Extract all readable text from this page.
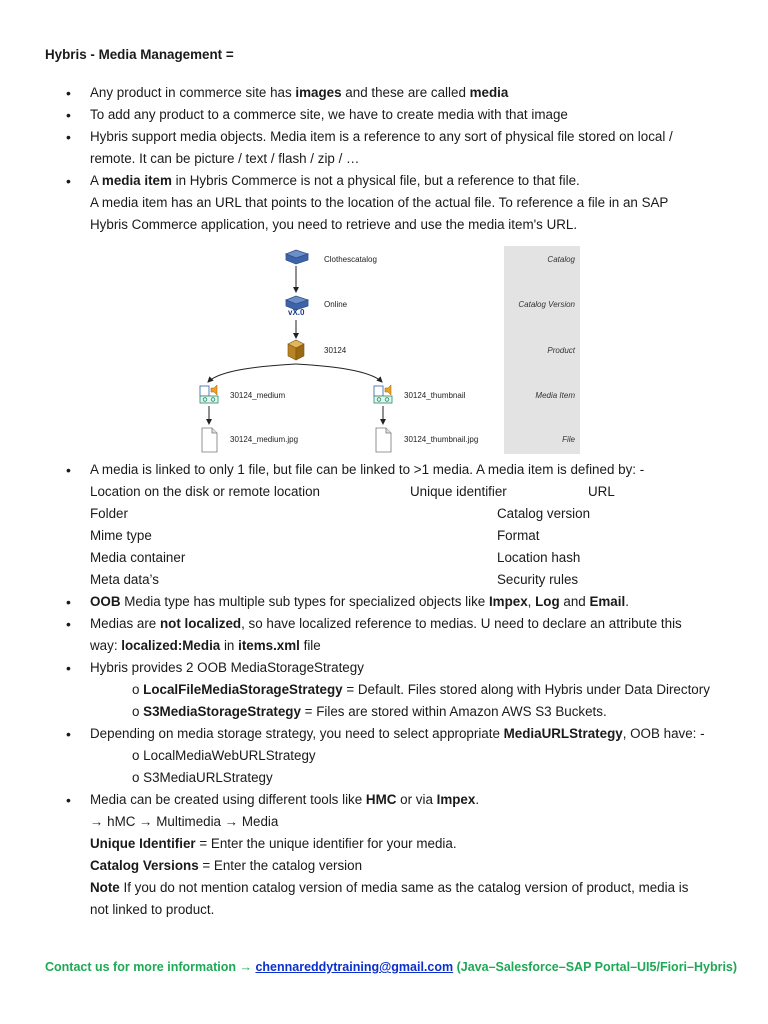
Hybris - Media Management =
• Any product in commerce site has images and these are called media
• To add any product to a commerce site, we have to create media with that image
• Hybris support media objects. Media item is a reference to any sort of physical file stored on local /
remote. It can be picture / text / flash / zip / …
• A media item in Hybris Commerce is not a physical file, but a reference to that file.
A media item has an URL that points to the location of the actual file. To reference a file in an SAP
Hybris Commerce application, you need to retrieve and use the media item's URL.
Clothescatalog
Online
vX.0
30124
30124_medium	30124_thumbnail
30124_medium.jpg	30124_thumbnail.jpg
Catalog
Catalog Version
Product
Media Item
File
• A media is linked to only 1 file, but file can be linked to >1 media. A media item is defined by: -
Location on the disk or remote location	Unique identifier	URL
Folder	Catalog version
Mime type	Format
Media container	Location hash
Meta data’s	Security rules
• OOB Media type has multiple sub types for specialized objects like Impex, Log and Email.
• Medias are not localized, so have localized reference to medias. U need to declare an attribute this
way: localized:Media in items.xml file
• Hybris provides 2 OOB MediaStorageStrategy
o LocalFileMediaStorageStrategy = Default. Files stored along with Hybris under Data Directory
o S3MediaStorageStrategy = Files are stored within Amazon AWS S3 Buckets.
• Depending on media storage strategy, you need to select appropriate MediaURLStrategy, OOB have: -
o LocalMediaWebURLStrategy
o S3MediaURLStrategy
• Media can be created using different tools like HMC or via Impex.
→ hMC → Multimedia → Media
Unique Identifier = Enter the unique identifier for your media.
Catalog Versions = Enter the catalog version
Note If you do not mention catalog version of media same as the catalog version of product, media is
not linked to product.
Contact us for more information → chennareddytraining@gmail.com (Java–Salesforce–SAP Portal–UI5/Fiori–Hybris)
